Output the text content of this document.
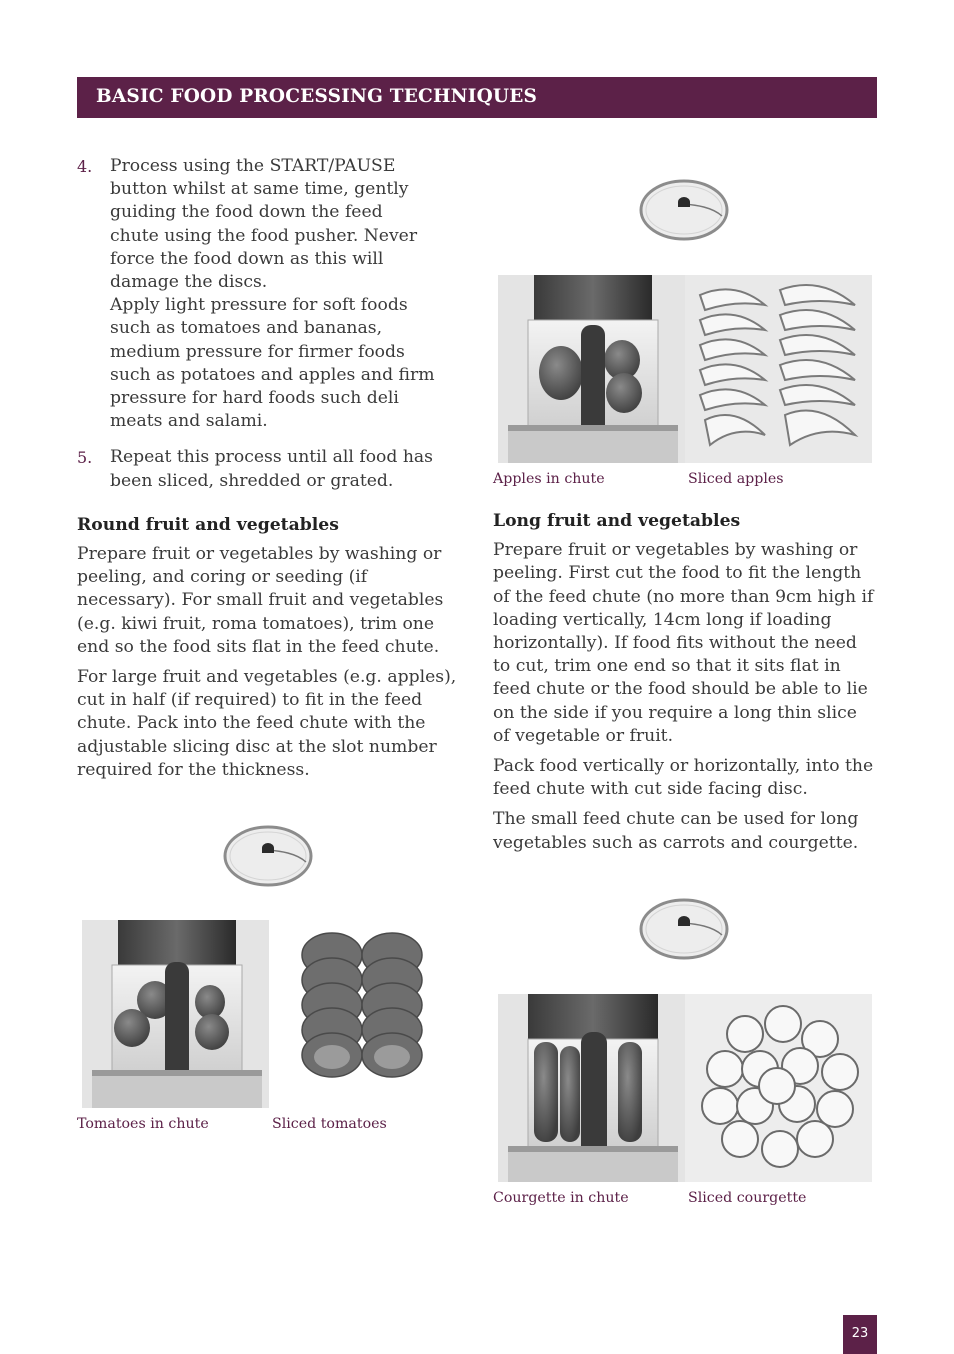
BASIC FOOD PROCESSING TECHNIQUES
4. Process using the START/PAUSE
button whilst at same time, gently
guiding the food down the feed
chute using the food pusher. Never
force the food down as this will
damage the discs.
Apply light pressure for soft foods
such as tomatoes and bananas,
medium pressure for firmer foods
such as potatoes and apples and firm
pressure for hard foods such deli
meats and salami.
5. Repeat this process until all food has
been sliced, shredded or grated.
Round fruit and vegetables

Prepare fruit or vegetables by washing or peeling, and coring or seeding (if necessary). For small fruit and vegetables (e.g. kiwi fruit, roma tomatoes), trim one end so the food sits flat in the feed chute.

For large fruit and vegetables (e.g. apples), cut in half (if required) to fit in the feed chute. Pack into the feed chute with the adjustable slicing disc at the slot number required for the thickness.

Long fruit and vegetables

Prepare fruit or vegetables by washing or peeling. First cut the food to fit the length of the feed chute (no more than 9cm high if loading vertically, 14cm long if loading horizontally). If food fits without the need to cut, trim one end so that it sits flat in feed chute or the food should be able to lie on the side if you require a long thin slice of vegetable or fruit.

Pack food vertically or horizontally, into the feed chute with cut side facing disc.

The small feed chute can be used for long vegetables such as carrots and courgette.

Apples in chute	Sliced apples
Tomatoes in chute	Sliced tomatoes
Courgette in chute	Sliced courgette
23
